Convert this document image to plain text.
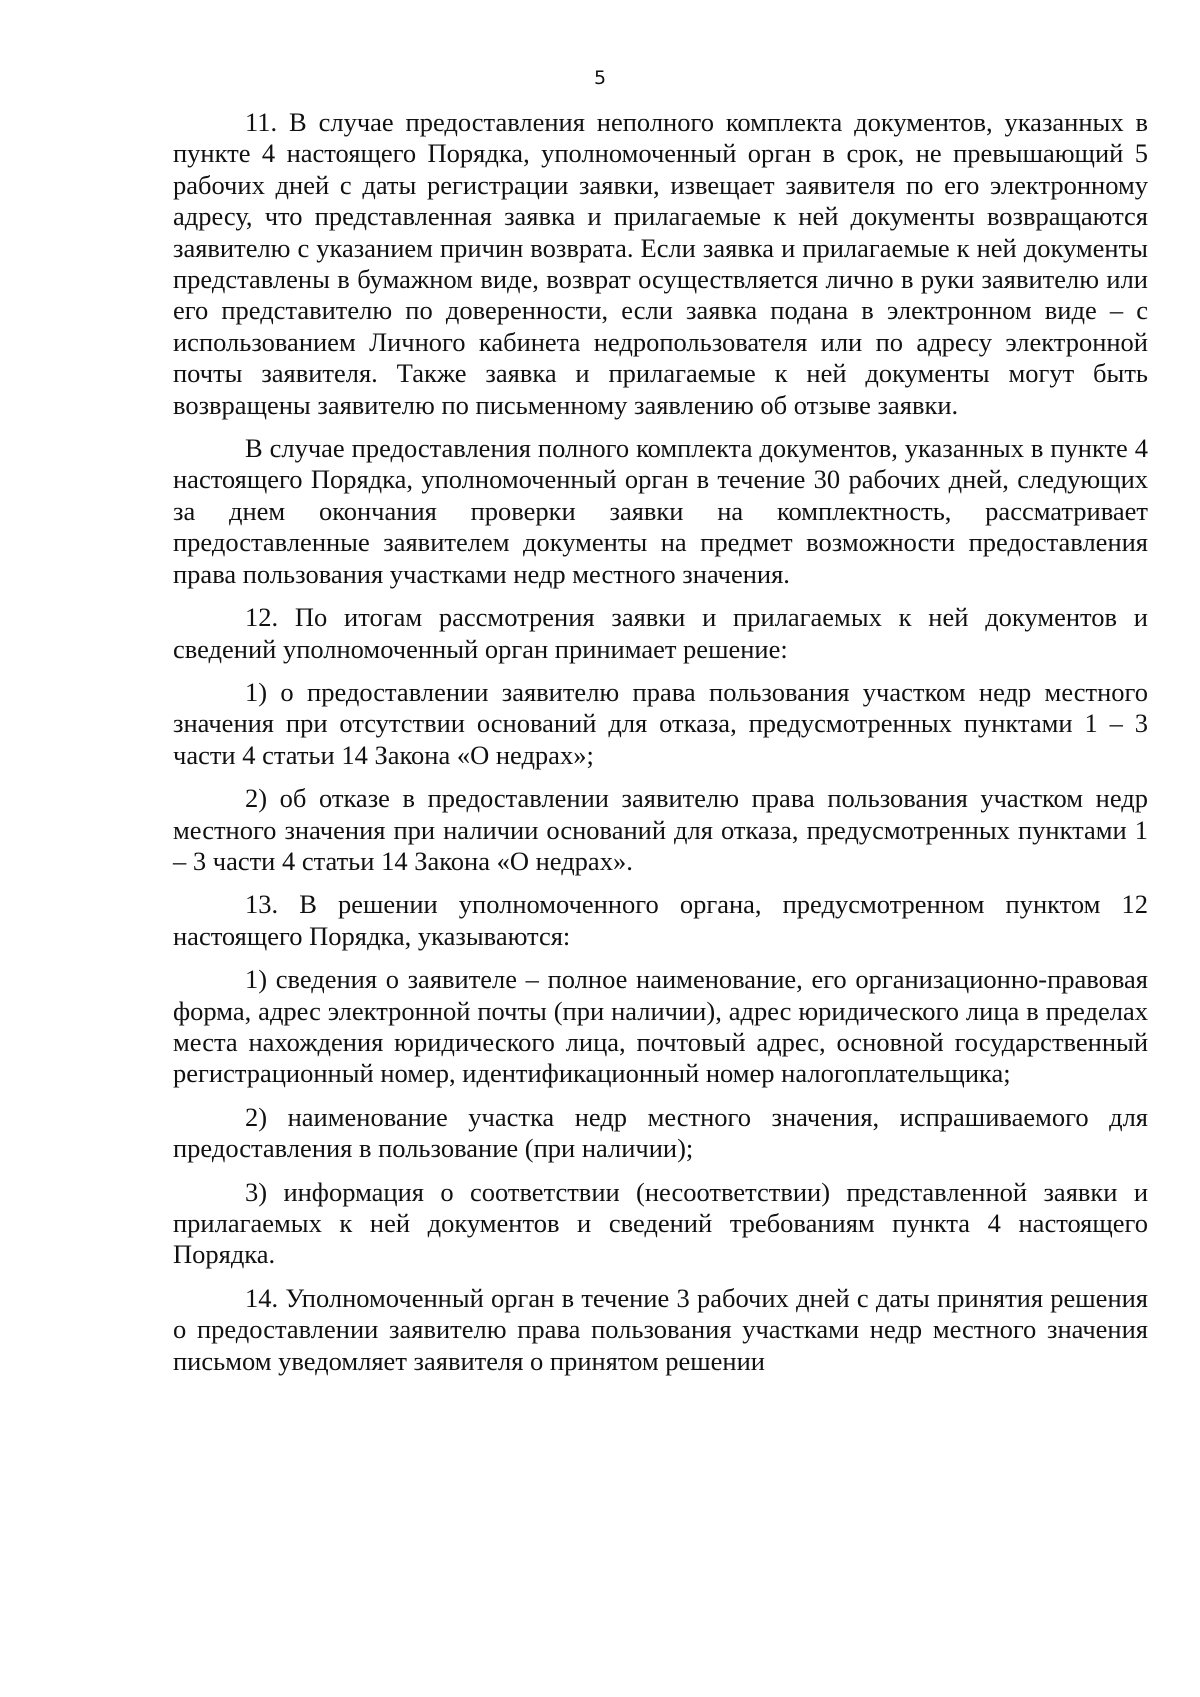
5

11. В случае предоставления неполного комплекта документов, указанных в пункте 4 настоящего Порядка, уполномоченный орган в срок, не превышающий 5 рабочих дней с даты регистрации заявки, извещает заявителя по его электронному адресу, что представленная заявка и прилагаемые к ней документы возвращаются заявителю с указанием причин возврата. Если заявка и прилагаемые к ней документы представлены в бумажном виде, возврат осуществляется лично в руки заявителю или его представителю по доверенности, если заявка подана в электронном виде – с использованием Личного кабинета недропользователя или по адресу электронной почты заявителя. Также заявка и прилагаемые к ней документы могут быть возвращены заявителю по письменному заявлению об отзыве заявки.

В случае предоставления полного комплекта документов, указанных в пункте 4 настоящего Порядка, уполномоченный орган в течение 30 рабочих дней, следующих за днем окончания проверки заявки на комплектность, рассматривает предоставленные заявителем документы на предмет возможности предоставления права пользования участками недр местного значения.

12. По итогам рассмотрения заявки и прилагаемых к ней документов и сведений уполномоченный орган принимает решение:

1) о предоставлении заявителю права пользования участком недр местного значения при отсутствии оснований для отказа, предусмотренных пунктами 1 – 3 части 4 статьи 14 Закона «О недрах»;

2) об отказе в предоставлении заявителю права пользования участком недр местного значения при наличии оснований для отказа, предусмотренных пунктами 1 – 3 части 4 статьи 14 Закона «О недрах».

13. В решении уполномоченного органа, предусмотренном пунктом 12 настоящего Порядка, указываются:

1) сведения о заявителе – полное наименование, его организационно-правовая форма, адрес электронной почты (при наличии), адрес юридического лица в пределах места нахождения юридического лица, почтовый адрес, основной государственный регистрационный номер, идентификационный номер налогоплательщика;

2) наименование участка недр местного значения, испрашиваемого для предоставления в пользование (при наличии);

3) информация о соответствии (несоответствии) представленной заявки и прилагаемых к ней документов и сведений требованиям пункта 4 настоящего Порядка.

14. Уполномоченный орган в течение 3 рабочих дней с даты принятия решения о предоставлении заявителю права пользования участками недр местного значения письмом уведомляет заявителя о принятом решении
